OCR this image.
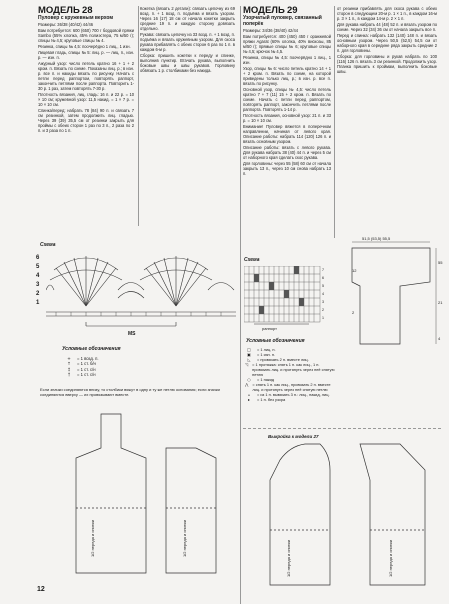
МОДЕЛЬ 28
Пуловер с кружевным верхом

Размеры: 36/38 (40/42) 44/46

Вам потребуется: 600 (650) 700 г бордовой пряжи Sambo (55% хлопка, 45% полиэстера, 75 м/50 г); спицы № 4,5; круговые спицы № 4.

Резинка, спицы № 4,5: поочерёдно 1 лиц., 1 изн.

Лицевая гладь, спицы № 5: лиц. р. — лиц. п., изн. р. — изн. п.

Ажурный узор: число петель кратно 16 + 1 + 2 кром. п. Вязать по схеме. Показаны лиц. р.; в изн. р. все п. и накиды вязать по рисунку. Начать с петли перед раппортом, повторять раппорт, закончить петлями после раппорта. Повторить 1-30 р. 1 раз, затем повторять 7-30 р.

Плотность вязания, лиц. гладь: 16 п. и 22 р. = 10 × 10 см; кружевной узор: 11,5 накид. = 1 × 7 р. = 10 × 10 см.

Спинка/перед: набрать 78 (84) 90 п. и связать 7 см резинкой, затем продолжить лиц. гладью. Через 39 (39) 35,5 см от резинки закрыть для проймы с обеих сторон 1 раз по 3 п., 2 раза по 2 п. и 3 раза по 1 п.

Кокетка (вязать 2 детали): связать цепочку из 69 возд. п. + 1 возд. п. подъёма и вязать узором. Через 16 (17) 18 см от начала кокетки закрыть средние 19 п. и каждую сторону довязать отдельно.

Рукава: связать цепочку из 33 возд. п. + 1 возд. п. подъёма и вязать кружевным узором. Для скоса рукава прибавлять с обеих сторон 6 раз по 1 п. в каждом 6-м р.

Сборка: пришить кокетки к переду и спинке, выполнив пунктир. Втачать рукава, выполнить боковые швы и швы рукавов. Горловину обвязать 1 р. столбиками без накида.

Схема
6
5
4
3
2
1
MS
Условные обозначения
+	= 1 возд. п.
↑	= 1 ст. б/н
‡	= 1 ст. с/н
†	= 1 ст. с/н
Если значки соединяются внизу, то столбики вяжут в одну и ту же петлю основания; если значки соединяются вверху — их провязывают вместе.
1/2 переда и спинки	1/2 переда и спинки
12
МОДЕЛЬ 29
Узорчатый пуловер, связанный поперёк

Размеры: 34/36 (38/40) 42/44

Вам потребуется: 400 (450) 450 г оранжевой пряжи Agarat (60% хлопка, 40% вискозы, 85 м/50 г); прямые спицы № 6; круговые спицы № 4,5; крючок № 4,5.

Резинка, спицы № 4,5: поочерёдно 1 лиц., 1 изн.

Узор, спицы № 6: число петель кратно 14 + 1 + 2 кром. п. Вязать по схеме, на которой приведены только лиц. р.; в изн. р. все п. вязать по рисунку.

Основной узор, спицы № 4,5: число петель кратно 7 + 7 (11) 15 + 2 кром. п. Вязать по схеме. Начать с петли перед раппортом, повторять раппорт, закончить петлями после раппорта. Повторять 1-14 р.

Плотность вязания, основной узор: 21 п. и 33 р. = 10 × 10 см.

Внимание! Пуловер вяжется в поперечном направлении, начиная от левого края. Описание работы: набрать 114 (120) 126 п. и вязать основным узором.

Описание работы: вязать с левого рукава. Для рукава набрать 38 (40) 44 п. и через 5 см от наборного края сделать скос рукава.

Для горловины: через 55 (58) 60 см от начала закрыть 13 п., через 10 см снова набрать 13 п.

от резинки прибавлять для скоса рукава с обеих сторон в следующем 20-м р. 1 × 1 п., в каждом 16-м р. 3 × 1 п., в каждом 14-м р. 2 × 1 п.

Для рукава набрать 44 (48) 52 п. и вязать узором по схеме. Через 32 (34) 36 см от начала закрыть все п.

Перед и спинка: набрать 132 (140) 148 п. и вязать основным узором. Через 50,5 (52,5) 54,5 см от наборного края в середине ряда закрыть средние 2 п. для горловины.

Сборка: для горловины и рукав набрать по 100 (116) 126 п. вязать 3 см резинкой. Продолжить узор. Планка пришить к проймам, выполнить боковые швы.

Схема
7
6
5
4
3
2
1
раппорт
Условные обозначения
□	= 1 лиц. п.
▣	= 1 изн. п.
◺	= провязать 2 п. вместе лиц.
◹ = 1 протяжка: снять 1 п. как лиц., 1 п. провязать лиц. и протянуть через неё снятую петлю
○	= 1 накид
⋀ = снять 1 п. как лиц., провязать 2 п. вместе лиц. и протянуть через неё снятую петлю
▵	= из 1 п. вывязать 3 п.: лиц., накид, лиц.
▸	= 1 п. без узора
51,5 (53,5) 55,5
12
2
55
21
4
Выкройка к модели 27
1/2 переда и спинки	1/2 переда и спинки
